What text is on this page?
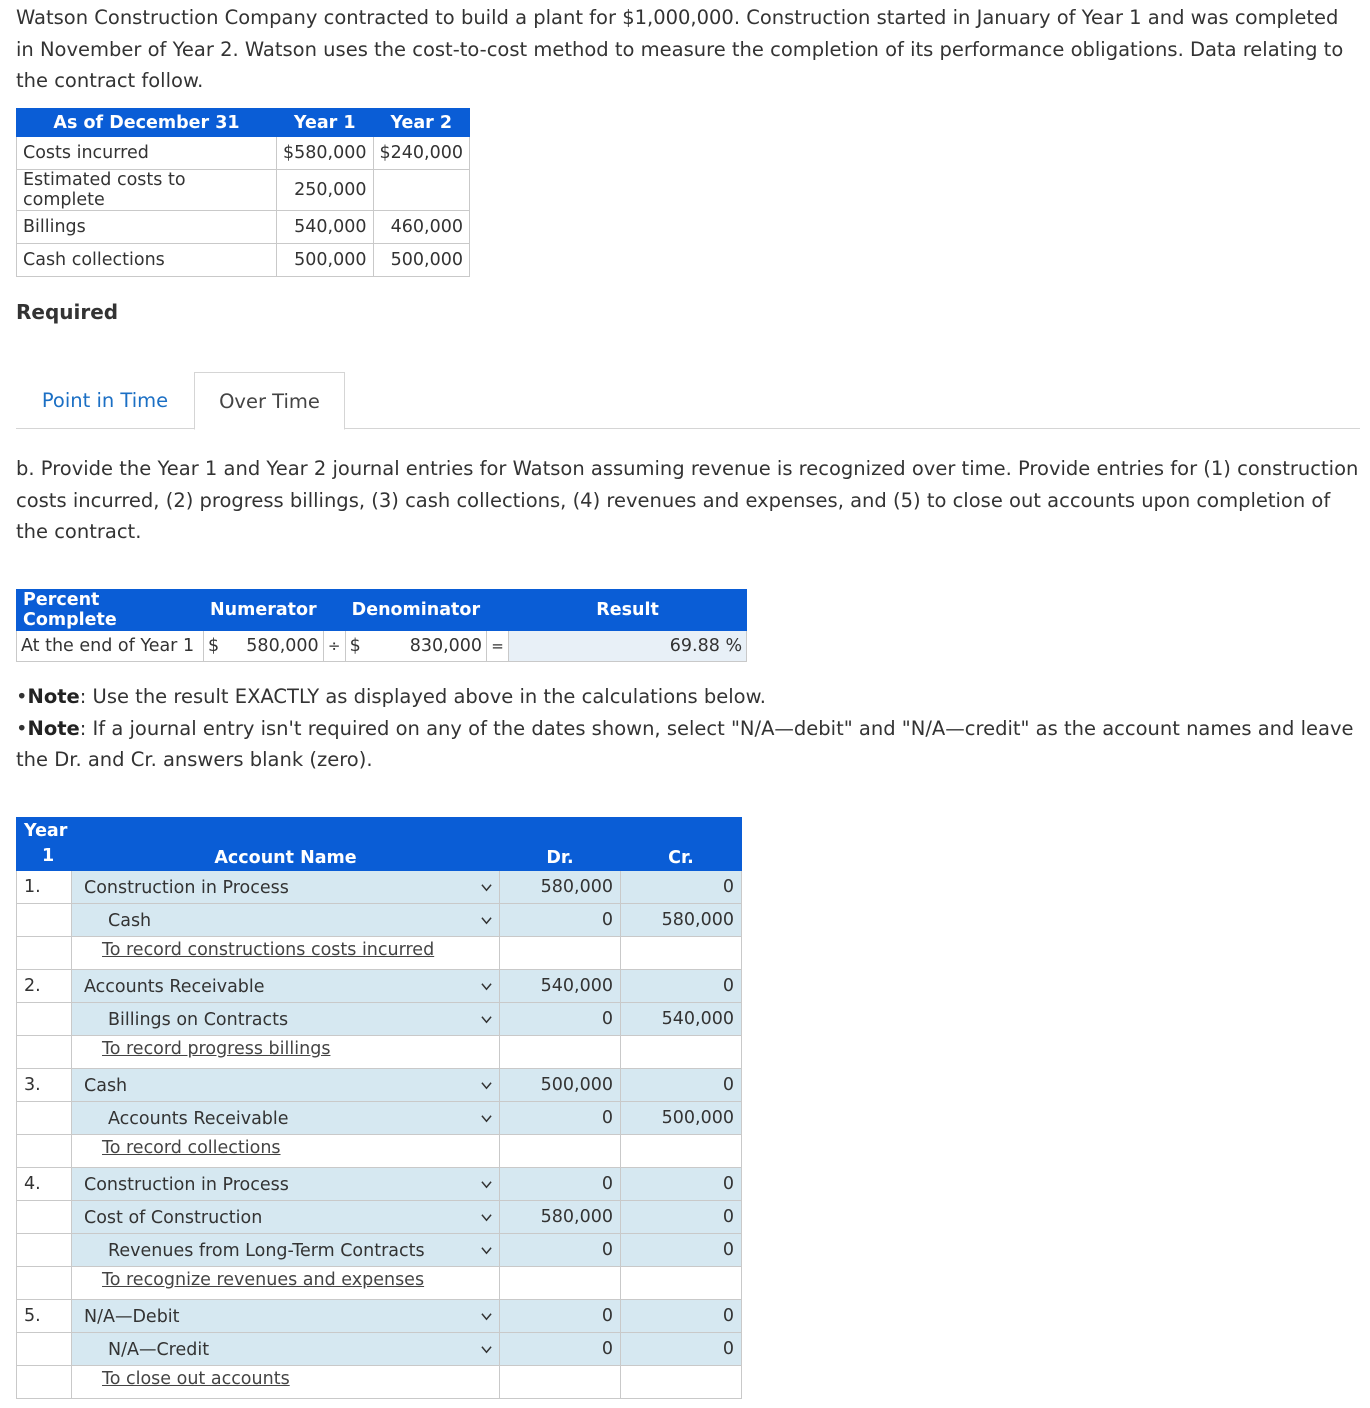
Watson Construction Company contracted to build a plant for $1,000,000. Construction started in January of Year 1 and was completed in November of Year 2. Watson uses the cost-to-cost method to measure the completion of its performance obligations. Data relating to the contract follow.
As of December 31	Year 1	Year 2
Costs incurred	$580,000	$240,000
Estimated costs to complete	250,000	
Billings	540,000	460,000
Cash collections	500,000	500,000
Required
Point in Time	Over Time
b. Provide the Year 1 and Year 2 journal entries for Watson assuming revenue is recognized over time. Provide entries for (1) construction costs incurred, (2) progress billings, (3) cash collections, (4) revenues and expenses, and (5) to close out accounts upon completion of the contract.
Percent Complete	Numerator			Denominator			Result
At the end of Year 1	$	580,000	÷	$	830,000	=	69.88 %
•Note: Use the result EXACTLY as displayed above in the calculations below.
•Note: If a journal entry isn't required on any of the dates shown, select "N/A—debit" and "N/A—credit" as the account names and leave the Dr. and Cr. answers blank (zero).
Year
1	Account Name	Dr.	Cr.
1.	Construction in Process	580,000	0

	Cash	0	580,000

	To record constructions costs incurred		

2.	Accounts Receivable	540,000	0

	Billings on Contracts	0	540,000

	To record progress billings		

3.	Cash	500,000	0

	Accounts Receivable	0	500,000

	To record collections		

4.	Construction in Process	0	0

	Cost of Construction	580,000	0

	Revenues from Long-Term Contracts	0	0

	To recognize revenues and expenses		

5.	N/A—Debit	0	0

	N/A—Credit	0	0

	To close out accounts		
